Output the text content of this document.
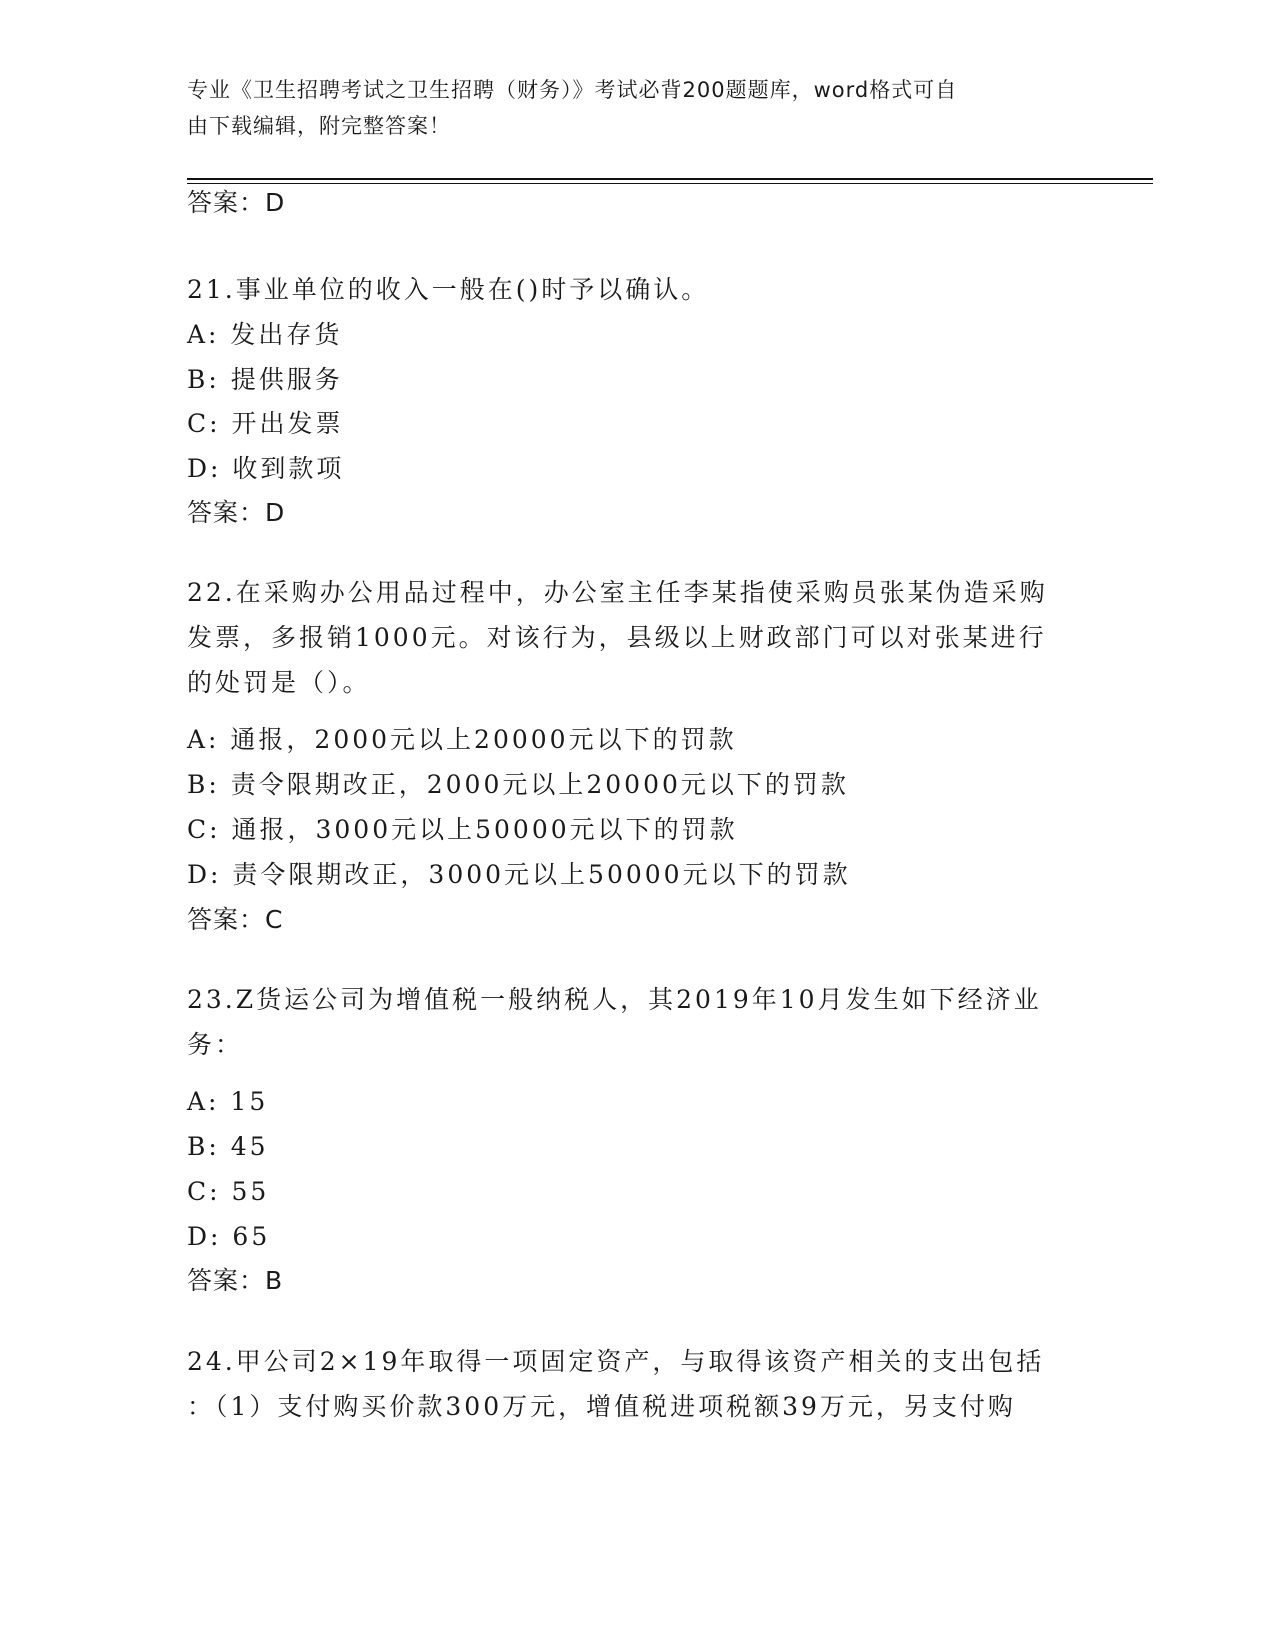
专业《卫生招聘考试之卫生招聘（财务）》考试必背200题题库，word格式可自
由下载编辑，附完整答案！
答案：D
21.事业单位的收入一般在()时予以确认。
A: 发出存货
B: 提供服务
C: 开出发票
D: 收到款项
答案：D
22.在采购办公用品过程中，办公室主任李某指使采购员张某伪造采购
发票，多报销1000元。对该行为，县级以上财政部门可以对张某进行
的处罚是（）。
A: 通报，2000元以上20000元以下的罚款
B: 责令限期改正，2000元以上20000元以下的罚款
C: 通报，3000元以上50000元以下的罚款
D: 责令限期改正，3000元以上50000元以下的罚款
答案：C
23.Z货运公司为增值税一般纳税人，其2019年10月发生如下经济业
务：
A: 15
B: 45
C: 55
D: 65
答案：B
24.甲公司2×19年取得一项固定资产，与取得该资产相关的支出包括
：（1）支付购买价款300万元，增值税进项税额39万元，另支付购
